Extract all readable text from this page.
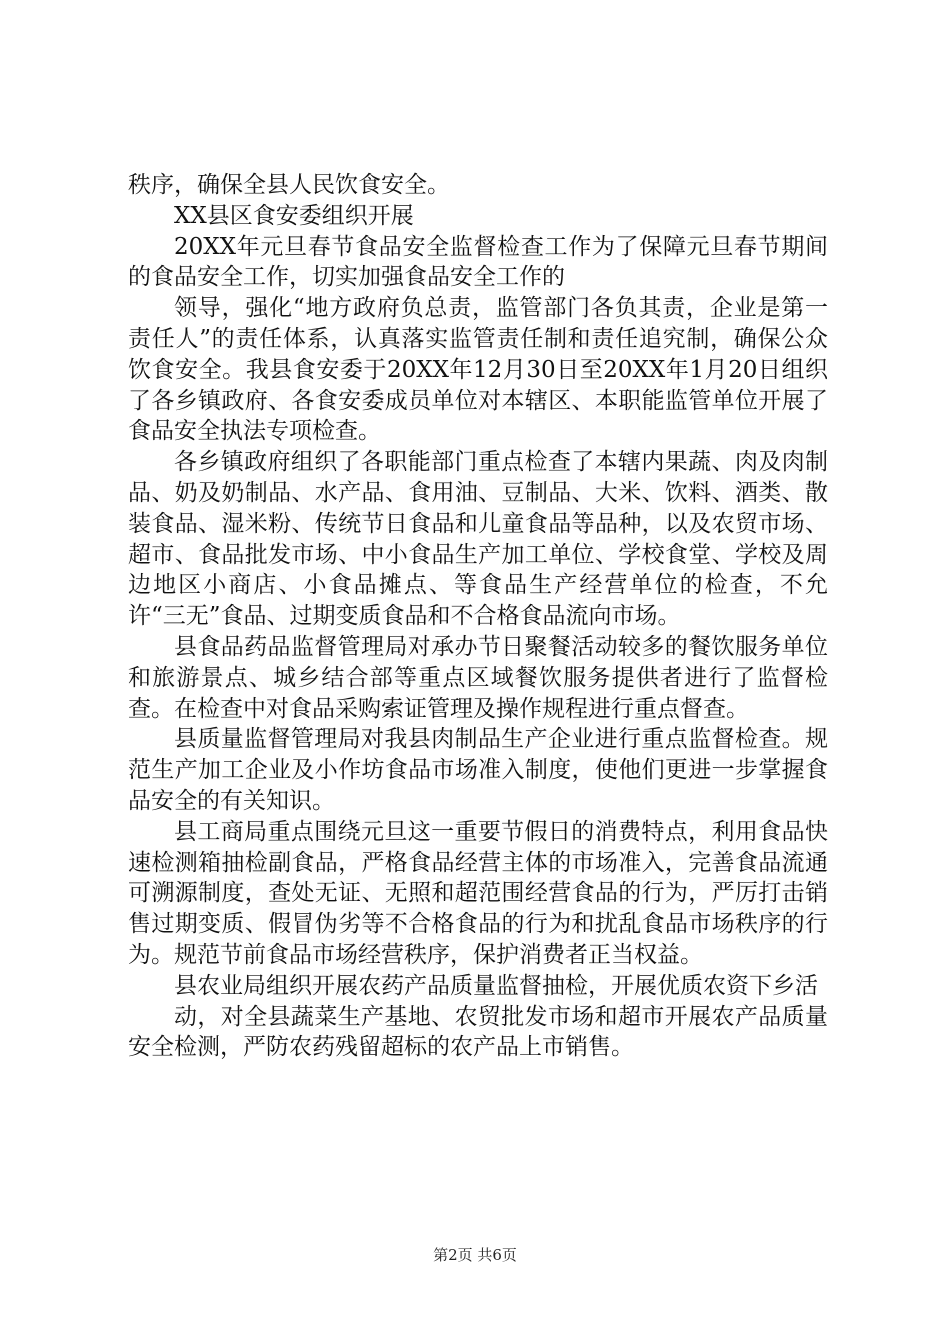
秩序，确保全县人民饮食安全。

XX县区食安委组织开展

20XX年元旦春节食品安全监督检查工作为了保障元旦春节期间的食品安全工作，切实加强食品安全工作的

领导，强化“地方政府负总责，监管部门各负其责，企业是第一责任人”的责任体系，认真落实监管责任制和责任追究制，确保公众饮食安全。我县食安委于20XX年12月30日至20XX年1月20日组织了各乡镇政府、各食安委成员单位对本辖区、本职能监管单位开展了食品安全执法专项检查。

各乡镇政府组织了各职能部门重点检查了本辖内果蔬、肉及肉制品、奶及奶制品、水产品、食用油、豆制品、大米、饮料、酒类、散装食品、湿米粉、传统节日食品和儿童食品等品种，以及农贸市场、超市、食品批发市场、中小食品生产加工单位、学校食堂、学校及周边地区小商店、小食品摊点、等食品生产经营单位的检查，不允许“三无”食品、过期变质食品和不合格食品流向市场。

县食品药品监督管理局对承办节日聚餐活动较多的餐饮服务单位和旅游景点、城乡结合部等重点区域餐饮服务提供者进行了监督检查。在检查中对食品采购索证管理及操作规程进行重点督查。

县质量监督管理局对我县肉制品生产企业进行重点监督检查。规范生产加工企业及小作坊食品市场准入制度，使他们更进一步掌握食品安全的有关知识。

县工商局重点围绕元旦这一重要节假日的消费特点，利用食品快速检测箱抽检副食品，严格食品经营主体的市场准入，完善食品流通可溯源制度，查处无证、无照和超范围经营食品的行为，严厉打击销售过期变质、假冒伪劣等不合格食品的行为和扰乱食品市场秩序的行为。规范节前食品市场经营秩序，保护消费者正当权益。

县农业局组织开展农药产品质量监督抽检，开展优质农资下乡活

动，对全县蔬菜生产基地、农贸批发市场和超市开展农产品质量安全检测，严防农药残留超标的农产品上市销售。

第2页 共6页
